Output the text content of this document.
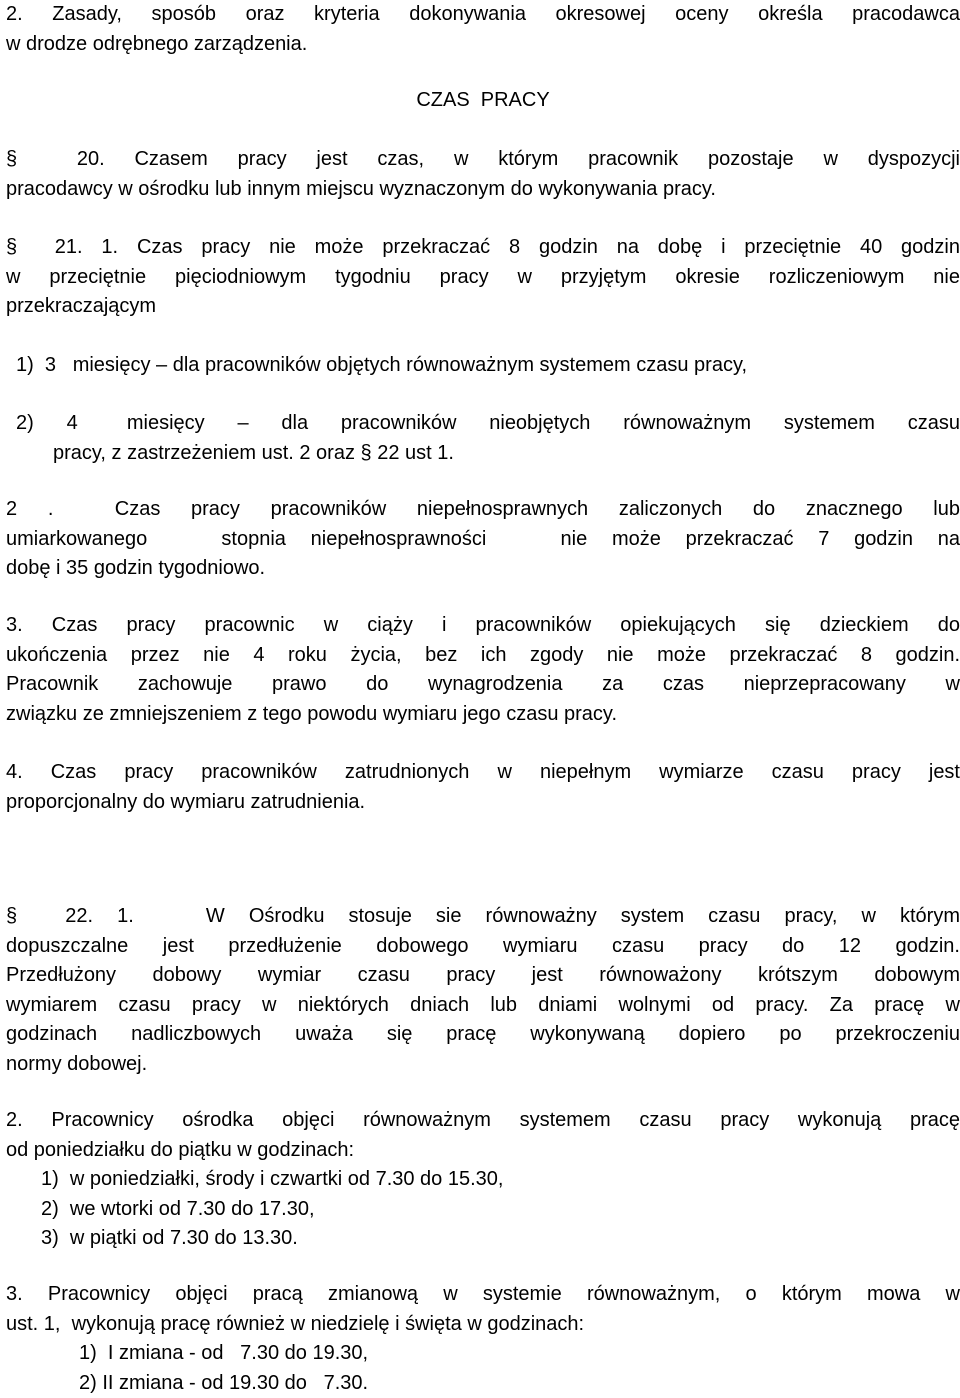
2. Zasady, sposób oraz kryteria dokonywania okresowej oceny określa pracodawca
w drodze odrębnego zarządzenia.
CZAS  PRACY
§  20. Czasem pracy jest czas, w którym pracownik pozostaje w dyspozycji
pracodawcy w ośrodku lub innym miejscu wyznaczonym do wykonywania pracy.
§  21. 1. Czas pracy nie może przekraczać 8 godzin na dobę i przeciętnie 40 godzin
w przeciętnie pięciodniowym tygodniu pracy w przyjętym okresie rozliczeniowym nie
przekraczającym
1)  3   miesięcy – dla pracowników objętych równoważnym systemem czasu pracy,
2)  4   miesięcy  –  dla  pracowników  nieobjętych  równoważnym  systemem  czasu
pracy, z zastrzeżeniem ust. 2 oraz § 22 ust 1.
2 .  Czas pracy pracowników niepełnosprawnych zaliczonych do znacznego lub
umiarkowanego   stopnia niepełnosprawności   nie może przekraczać 7 godzin na
dobę i 35 godzin tygodniowo.
3. Czas pracy pracownic w ciąży i pracowników opiekujących się dzieckiem do
ukończenia przez nie 4 roku życia, bez ich zgody nie może przekraczać 8 godzin.
Pracownik zachowuje prawo do wynagrodzenia za czas nieprzepracowany w
związku ze zmniejszeniem z tego powodu wymiaru jego czasu pracy.
4. Czas pracy pracowników zatrudnionych w niepełnym wymiarze czasu pracy jest
proporcjonalny do wymiaru zatrudnienia.
§  22. 1.   W Ośrodku stosuje sie równoważny system czasu pracy, w którym
dopuszczalne jest przedłużenie dobowego wymiaru czasu pracy do 12 godzin.
Przedłużony dobowy wymiar czasu pracy jest równoważony krótszym dobowym
wymiarem czasu pracy w niektórych dniach lub dniami wolnymi od pracy. Za pracę w
godzinach nadliczbowych uważa się pracę wykonywaną dopiero po przekroczeniu
normy dobowej.
2. Pracownicy ośrodka objęci równoważnym systemem czasu pracy wykonują pracę
od poniedziałku do piątku w godzinach:
1)  w poniedziałki, środy i czwartki od 7.30 do 15.30,
2)  we wtorki od 7.30 do 17.30,
3)  w piątki od 7.30 do 13.30.
3. Pracownicy objęci pracą zmianową w systemie równoważnym, o którym mowa w
ust. 1,  wykonują pracę również w niedzielę i święta w godzinach:
1)  I zmiana - od   7.30 do 19.30,
2) II zmiana - od 19.30 do   7.30.
